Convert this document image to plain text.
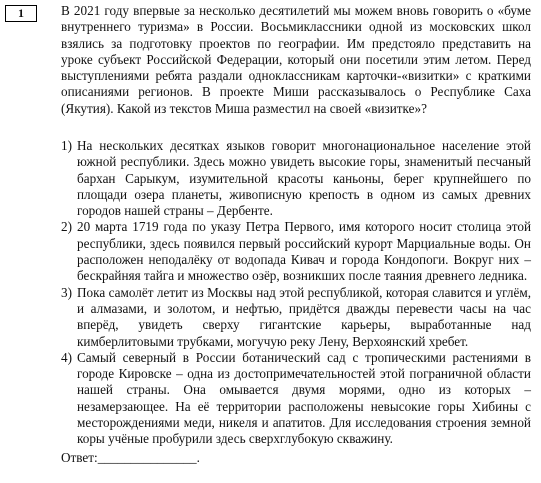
1	В 2021 году впервые за несколько десятилетий мы можем вновь говорить о «буме внутреннего туризма» в России. Восьмиклассники одной из московских школ взялись за подготовку проектов по географии. Им предстояло представить на уроке субъект Российской Федерации, который они посетили этим летом. Перед выступлениями ребята раздали одноклассникам карточки-«визитки» с краткими описаниями регионов. В проекте Миши рассказывалось о Республике Саха (Якутия). Какой из текстов Миша разместил на своей «визитке»?

1) На нескольких десятках языков говорит многонациональное население этой южной республики. Здесь можно увидеть высокие горы, знаменитый песчаный бархан Сарыкум, изумительной красоты каньоны, берег крупнейшего по площади озера планеты, живописную крепость в одном из самых древних городов нашей страны – Дербенте.
2) 20 марта 1719 года по указу Петра Первого, имя которого носит столица этой республики, здесь появился первый российский курорт Марциальные воды. Он расположен неподалёку от водопада Кивач и города Кондопоги. Вокруг них – бескрайняя тайга и множество озёр, возникших после таяния древнего ледника.
3) Пока самолёт летит из Москвы над этой республикой, которая славится и углём, и алмазами, и золотом, и нефтью, придётся дважды перевести часы на час вперёд, увидеть сверху гигантские карьеры, выработанные над кимберлитовыми трубками, могучую реку Лену, Верхоянский хребет.
4) Самый северный в России ботанический сад с тропическими растениями в городе Кировске – одна из достопримечательностей этой пограничной области нашей страны. Она омывается двумя морями, одно из которых – незамерзающее. На её территории расположены невысокие горы Хибины с месторождениями меди, никеля и апатитов. Для исследования строения земной коры учёные пробурили здесь сверхглубокую скважину.
Ответ:_______________.
